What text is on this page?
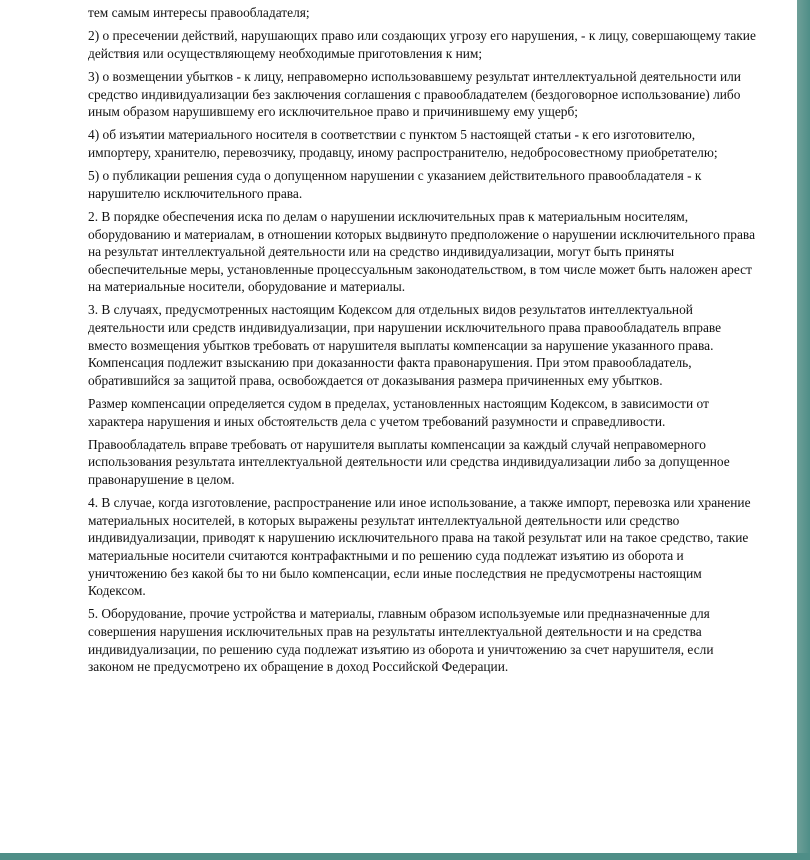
тем самым интересы правообладателя;

2) о пресечении действий, нарушающих право или создающих угрозу его нарушения, - к лицу, совершающему такие действия или осуществляющему необходимые приготовления к ним;

3) о возмещении убытков - к лицу, неправомерно использовавшему результат интеллектуальной деятельности или средство индивидуализации без заключения соглашения с правообладателем (бездоговорное использование) либо иным образом нарушившему его исключительное право и причинившему ему ущерб;

4) об изъятии материального носителя в соответствии с пунктом 5 настоящей статьи - к его изготовителю, импортеру, хранителю, перевозчику, продавцу, иному распространителю, недобросовестному приобретателю;

5) о публикации решения суда о допущенном нарушении с указанием действительного правообладателя - к нарушителю исключительного права.

2. В порядке обеспечения иска по делам о нарушении исключительных прав к материальным носителям, оборудованию и материалам, в отношении которых выдвинуто предположение о нарушении исключительного права на результат интеллектуальной деятельности или на средство индивидуализации, могут быть приняты обеспечительные меры, установленные процессуальным законодательством, в том числе может быть наложен арест на материальные носители, оборудование и материалы.

3. В случаях, предусмотренных настоящим Кодексом для отдельных видов результатов интеллектуальной деятельности или средств индивидуализации, при нарушении исключительного права правообладатель вправе вместо возмещения убытков требовать от нарушителя выплаты компенсации за нарушение указанного права. Компенсация подлежит взысканию при доказанности факта правонарушения. При этом правообладатель, обратившийся за защитой права, освобождается от доказывания размера причиненных ему убытков.

Размер компенсации определяется судом в пределах, установленных настоящим Кодексом, в зависимости от характера нарушения и иных обстоятельств дела с учетом требований разумности и справедливости.

Правообладатель вправе требовать от нарушителя выплаты компенсации за каждый случай неправомерного использования результата интеллектуальной деятельности или средства индивидуализации либо за допущенное правонарушение в целом.

4. В случае, когда изготовление, распространение или иное использование, а также импорт, перевозка или хранение материальных носителей, в которых выражены результат интеллектуальной деятельности или средство индивидуализации, приводят к нарушению исключительного права на такой результат или на такое средство, такие материальные носители считаются контрафактными и по решению суда подлежат изъятию из оборота и уничтожению без какой бы то ни было компенсации, если иные последствия не предусмотрены настоящим Кодексом.

5. Оборудование, прочие устройства и материалы, главным образом используемые или предназначенные для совершения нарушения исключительных прав на результаты интеллектуальной деятельности и на средства индивидуализации, по решению суда подлежат изъятию из оборота и уничтожению за счет нарушителя, если законом не предусмотрено их обращение в доход Российской Федерации.
